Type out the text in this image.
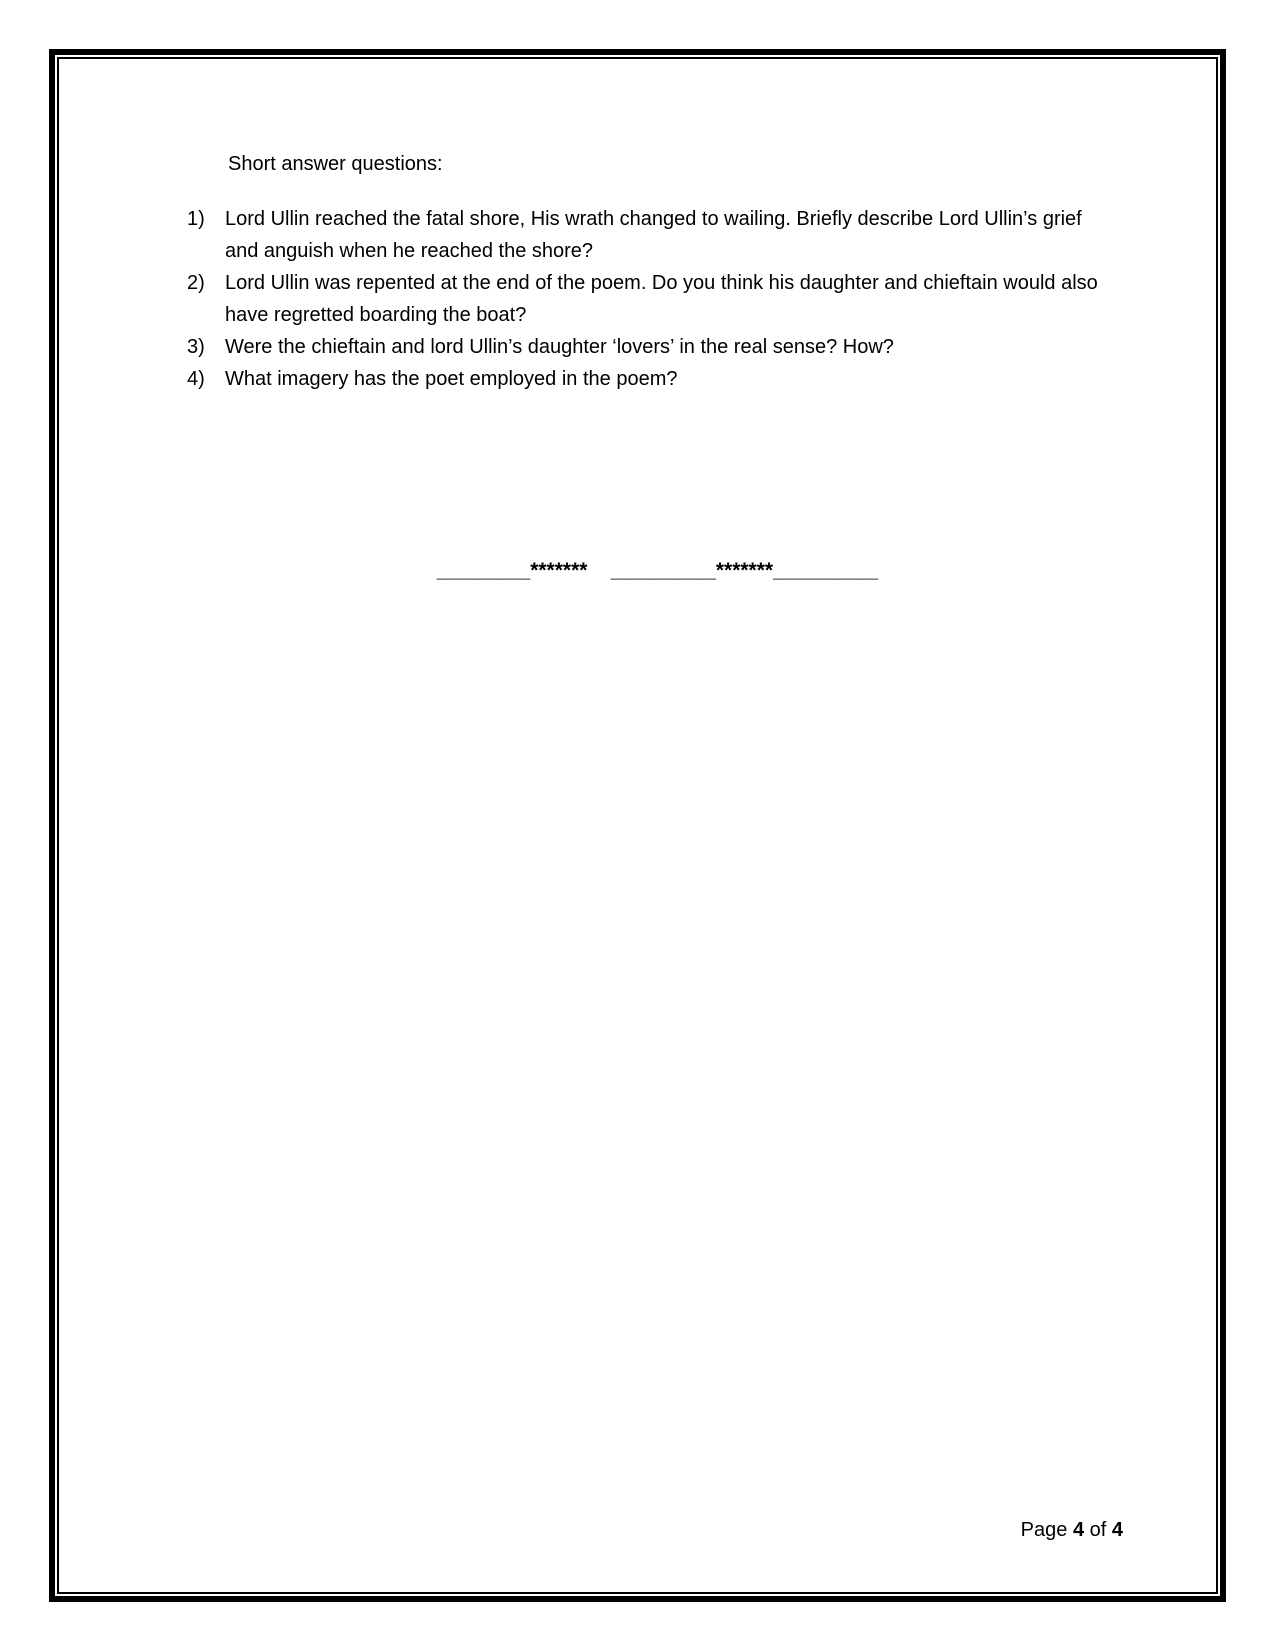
Short answer questions:
1) Lord Ullin reached the fatal shore, His wrath changed to wailing. Briefly describe Lord Ullin’s grief and anguish when he reached the shore?
2) Lord Ullin was repented at the end of the poem. Do you think his daughter and chieftain would also have regretted boarding the boat?
3) Were the chieftain and lord Ullin’s daughter ‘lovers’ in the real sense? How?
4) What imagery has the poet employed in the poem?
________*******    _________*******_________
Page 4 of 4
